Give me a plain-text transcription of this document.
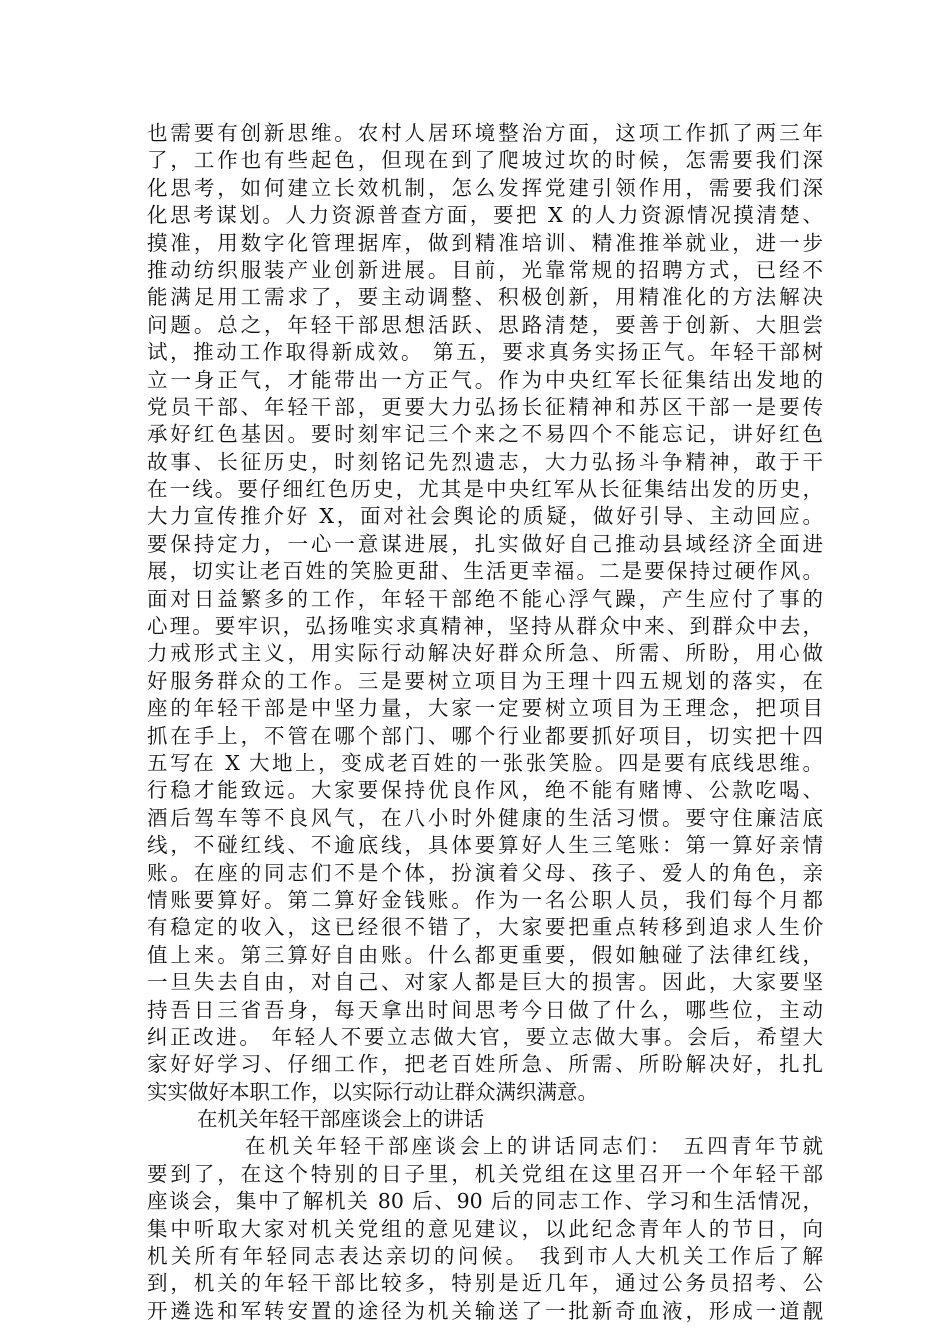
也需要有创新思维。农村人居环境整治方面，这项工作抓了两三年
了，工作也有些起色，但现在到了爬坡过坎的时候，怎需要我们深
化思考，如何建立长效机制，怎么发挥党建引领作用，需要我们深
化思考谋划。人力资源普查方面，要把 X 的人力资源情况摸清楚、
摸准，用数字化管理据库，做到精准培训、精准推举就业，进一步
推动纺织服装产业创新进展。目前，光靠常规的招聘方式，已经不
能满足用工需求了，要主动调整、积极创新，用精准化的方法解决
问题。总之，年轻干部思想活跃、思路清楚，要善于创新、大胆尝
试，推动工作取得新成效。 第五，要求真务实扬正气。年轻干部树
立一身正气，才能带出一方正气。作为中央红军长征集结出发地的
党员干部、年轻干部，更要大力弘扬长征精神和苏区干部一是要传
承好红色基因。要时刻牢记三个来之不易四个不能忘记，讲好红色
故事、长征历史，时刻铭记先烈遗志，大力弘扬斗争精神，敢于干
在一线。要仔细红色历史，尤其是中央红军从长征集结出发的历史，
大力宣传推介好 X，面对社会舆论的质疑，做好引导、主动回应。
要保持定力，一心一意谋进展，扎实做好自己推动县域经济全面进
展，切实让老百姓的笑脸更甜、生活更幸福。二是要保持过硬作风。
面对日益繁多的工作，年轻干部绝不能心浮气躁，产生应付了事的
心理。要牢识，弘扬唯实求真精神，坚持从群众中来、到群众中去，
力戒形式主义，用实际行动解决好群众所急、所需、所盼，用心做
好服务群众的工作。三是要树立项目为王理十四五规划的落实，在
座的年轻干部是中坚力量，大家一定要树立项目为王理念，把项目
抓在手上，不管在哪个部门、哪个行业都要抓好项目，切实把十四
五写在 X 大地上，变成老百姓的一张张笑脸。四是要有底线思维。
行稳才能致远。大家要保持优良作风，绝不能有赌博、公款吃喝、
酒后驾车等不良风气，在八小时外健康的生活习惯。要守住廉洁底
线，不碰红线、不逾底线，具体要算好人生三笔账：第一算好亲情
账。在座的同志们不是个体，扮演着父母、孩子、爱人的角色，亲
情账要算好。第二算好金钱账。作为一名公职人员，我们每个月都
有稳定的收入，这已经很不错了，大家要把重点转移到追求人生价
值上来。第三算好自由账。什么都更重要，假如触碰了法律红线，
一旦失去自由，对自己、对家人都是巨大的损害。因此，大家要坚
持吾日三省吾身，每天拿出时间思考今日做了什么，哪些位，主动
纠正改进。 年轻人不要立志做大官，要立志做大事。会后，希望大
家好好学习、仔细工作，把老百姓所急、所需、所盼解决好，扎扎
实实做好本职工作，以实际行动让群众满织满意。
在机关年轻干部座谈会上的讲话
在机关年轻干部座谈会上的讲话同志们： 五四青年节就
要到了，在这个特别的日子里，机关党组在这里召开一个年轻干部
座谈会，集中了解机关 80 后、90 后的同志工作、学习和生活情况，
集中听取大家对机关党组的意见建议，以此纪念青年人的节日，向
机关所有年轻同志表达亲切的问候。 我到市人大机关工作后了解
到，机关的年轻干部比较多，特别是近几年，通过公务员招考、公
开遴选和军转安置的途径为机关输送了一批新奇血液，形成一道靓
